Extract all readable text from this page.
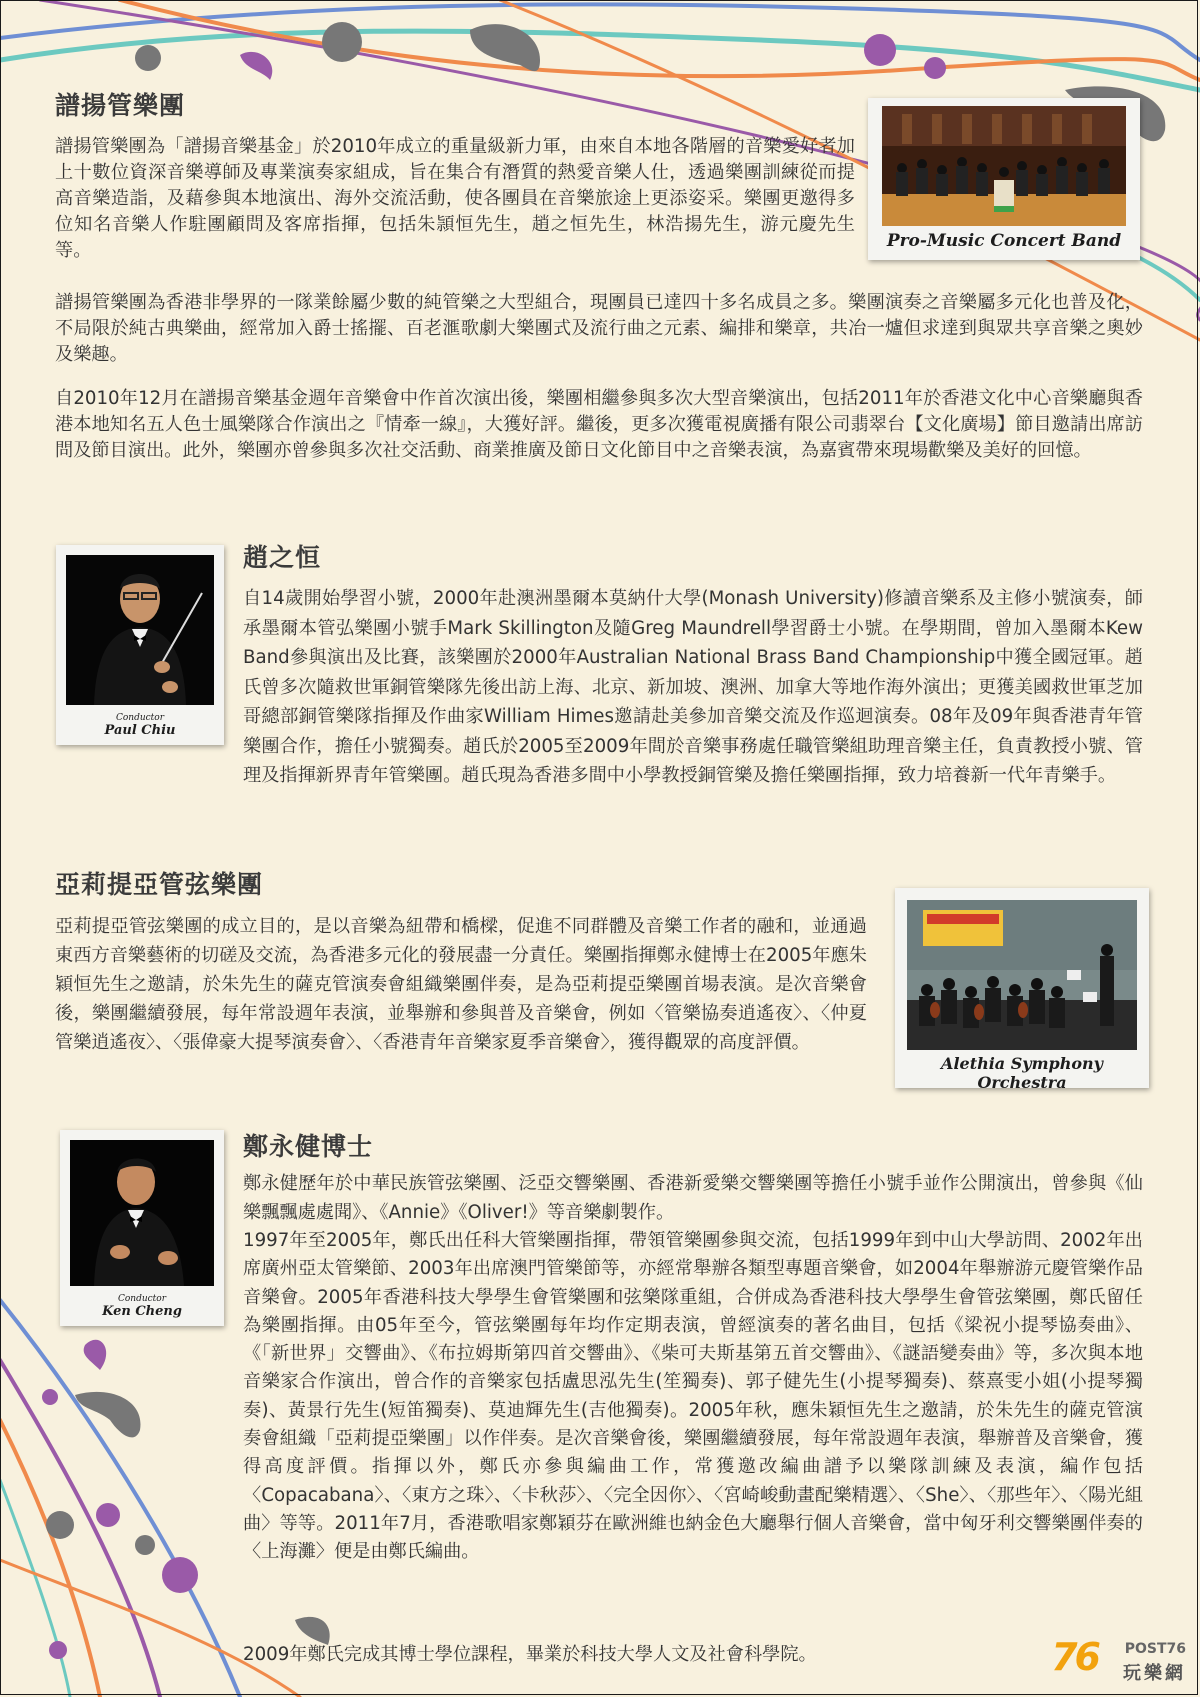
譜揚管樂團

譜揚管樂團為「譜揚音樂基金」於2010年成立的重量級新力軍，由來自本地各階層的音樂愛好者加上十數位資深音樂導師及專業演奏家組成，旨在集合有潛質的熱愛音樂人仕，透過樂團訓練從而提高音樂造詣，及藉參與本地演出、海外交流活動，使各團員在音樂旅途上更添姿采。樂團更邀得多位知名音樂人作駐團顧問及客席指揮，包括朱頴恒先生，趙之恒先生，林浩揚先生，游元慶先生等。

譜揚管樂團為香港非學界的一隊業餘屬少數的純管樂之大型組合，現團員已達四十多名成員之多。樂團演奏之音樂屬多元化也普及化，不局限於純古典樂曲，經常加入爵士搖擺、百老滙歌劇大樂團式及流行曲之元素、編排和樂章，共冶一爐但求達到與眾共享音樂之奧妙及樂趣。

自2010年12月在譜揚音樂基金週年音樂會中作首次演出後，樂團相繼參與多次大型音樂演出，包括2011年於香港文化中心音樂廳與香港本地知名五人色士風樂隊合作演出之『情牽一線』，大獲好評。繼後，更多次獲電視廣播有限公司翡翠台【文化廣場】節目邀請出席訪問及節目演出。此外，樂團亦曾參與多次社交活動、商業推廣及節日文化節目中之音樂表演，為嘉賓帶來現場歡樂及美好的回憶。

Pro-Music Concert Band
趙之恒

自14歲開始學習小號，2000年赴澳洲墨爾本莫納什大學(Monash University)修讀音樂系及主修小號演奏，師承墨爾本管弘樂團小號手Mark Skillington及隨Greg Maundrell學習爵士小號。在學期間，曾加入墨爾本Kew Band參與演出及比賽，該樂團於2000年Australian National Brass Band Championship中獲全國冠軍。趙氏曾多次隨救世軍銅管樂隊先後出訪上海、北京、新加坡、澳洲、加拿大等地作海外演出；更獲美國救世軍芝加哥總部銅管樂隊指揮及作曲家William Himes邀請赴美參加音樂交流及作巡迴演奏。08年及09年與香港青年管樂團合作，擔任小號獨奏。趙氏於2005至2009年間於音樂事務處任職管樂組助理音樂主任，負責教授小號、管理及指揮新界青年管樂團。趙氏現為香港多間中小學教授銅管樂及擔任樂團指揮，致力培養新一代年青樂手。

Conductor
Paul Chiu
亞莉提亞管弦樂團

亞莉提亞管弦樂團的成立目的，是以音樂為紐帶和橋樑，促進不同群體及音樂工作者的融和，並通過東西方音樂藝術的切磋及交流，為香港多元化的發展盡一分責任。樂團指揮鄭永健博士在2005年應朱穎恒先生之邀請，於朱先生的薩克管演奏會組織樂團伴奏，是為亞莉提亞樂團首場表演。是次音樂會後，樂團繼續發展，每年常設週年表演，並舉辦和參與普及音樂會，例如〈管樂協奏逍遙夜〉、〈仲夏管樂逍遙夜〉、〈張偉豪大提琴演奏會〉、〈香港青年音樂家夏季音樂會〉，獲得觀眾的高度評價。

Alethia Symphony Orchestra
鄭永健博士

鄭永健歷年於中華民族管弦樂團、泛亞交響樂團、香港新愛樂交響樂團等擔任小號手並作公開演出，曾參與《仙樂飄飄處處聞》、《Annie》《Oliver!》等音樂劇製作。

1997年至2005年，鄭氏出任科大管樂團指揮，帶領管樂團參與交流，包括1999年到中山大學訪問、2002年出席廣州亞太管樂節、2003年出席澳門管樂節等，亦經常舉辦各類型專題音樂會，如2004年舉辦游元慶管樂作品音樂會。2005年香港科技大學學生會管樂團和弦樂隊重組，合併成為香港科技大學學生會管弦樂團，鄭氏留任為樂團指揮。由05年至今，管弦樂團每年均作定期表演，曾經演奏的著名曲目，包括《梁祝小提琴協奏曲》、《「新世界」交響曲》、《布拉姆斯第四首交響曲》、《柴可夫斯基第五首交響曲》、《謎語變奏曲》等，多次與本地音樂家合作演出，曾合作的音樂家包括盧思泓先生(笙獨奏)、郭子健先生(小提琴獨奏)、蔡熹雯小姐(小提琴獨奏)、黃景行先生(短笛獨奏)、莫迪輝先生(吉他獨奏)。2005年秋，應朱穎恒先生之邀請，於朱先生的薩克管演奏會組織「亞莉提亞樂團」以作伴奏。是次音樂會後，樂團繼續發展，每年常設週年表演，舉辦普及音樂會，獲得高度評價。指揮以外，鄭氏亦參與編曲工作，常獲邀改編曲譜予以樂隊訓練及表演，編作包括〈Copacabana〉、〈東方之珠〉、〈卡秋莎〉、〈完全因你〉、〈宮崎峻動畫配樂精選〉、〈She〉、〈那些年〉、〈陽光組曲〉等等。2011年7月，香港歌唱家鄭穎芬在歐洲維也納金色大廳舉行個人音樂會，當中匈牙利交響樂團伴奏的〈上海灘〉便是由鄭氏編曲。

2009年鄭氏完成其博士學位課程，畢業於科技大學人文及社會科學院。

Conductor
Ken Cheng
76 POST76
玩樂網
